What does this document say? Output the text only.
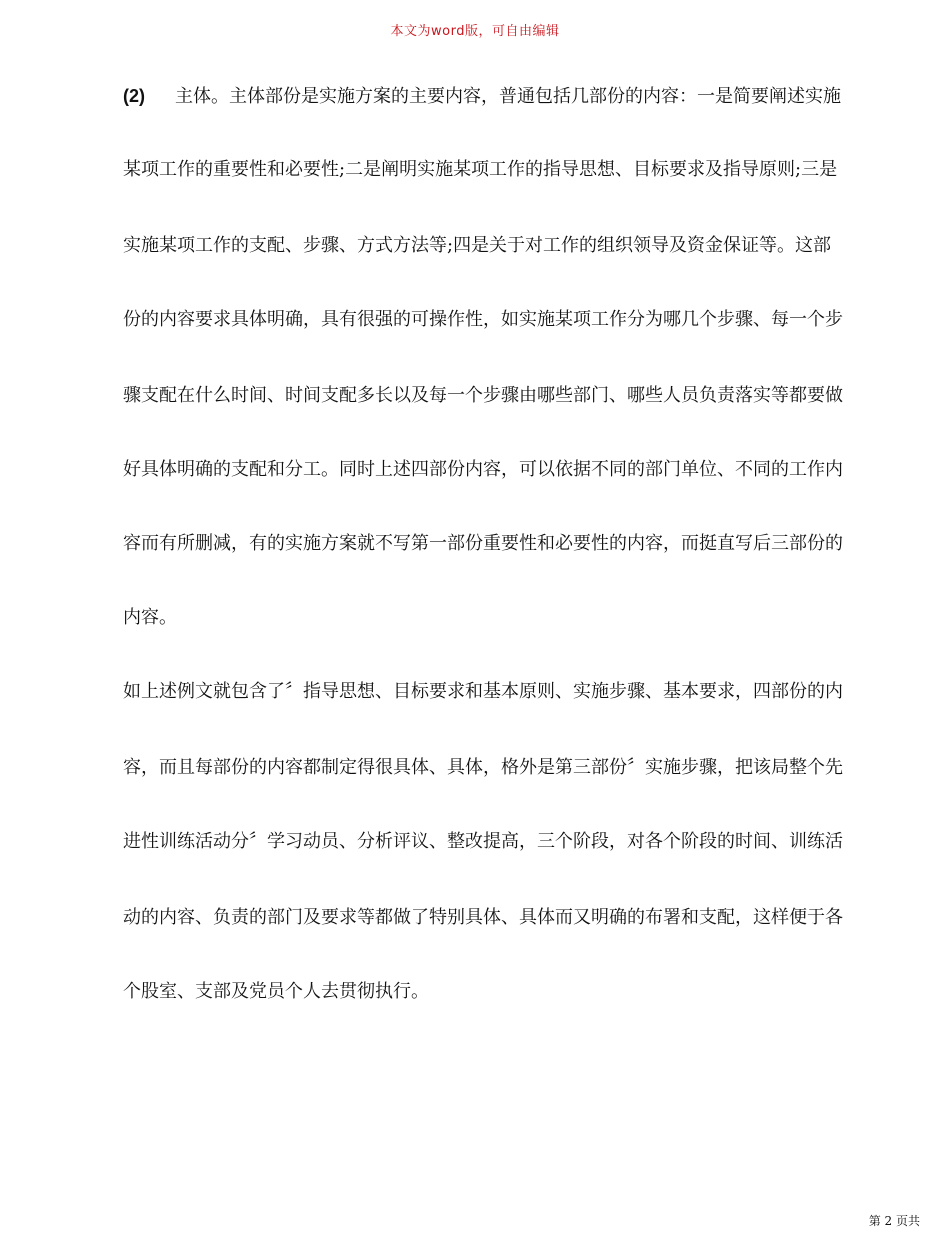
本文为word版，可自由编辑
(2) 主体。主体部份是实施方案的主要内容，普通包括几部份的内容：一是简要阐述实施
某项工作的重要性和必要性;二是阐明实施某项工作的指导思想、目标要求及指导原则;三是
实施某项工作的支配、步骤、方式方法等;四是关于对工作的组织领导及资金保证等。这部
份的内容要求具体明确，具有很强的可操作性，如实施某项工作分为哪几个步骤、每一个步
骤支配在什么时间、时间支配多长以及每一个步骤由哪些部门、哪些人员负责落实等都要做
好具体明确的支配和分工。同时上述四部份内容，可以依据不同的部门单位、不同的工作内
容而有所删减，有的实施方案就不写第一部份重要性和必要性的内容，而挺直写后三部份的
内容。
如上述例文就包含了〞指导思想、目标要求和基本原则、实施步骤、基本要求，四部份的内
容，而且每部份的内容都制定得很具体、具体，格外是第三部份〞实施步骤，把该局整个先
进性训练活动分〞学习动员、分析评议、整改提高，三个阶段，对各个阶段的时间、训练活
动的内容、负责的部门及要求等都做了特别具体、具体而又明确的布署和支配，这样便于各
个股室、支部及党员个人去贯彻执行。
第 2 页共
